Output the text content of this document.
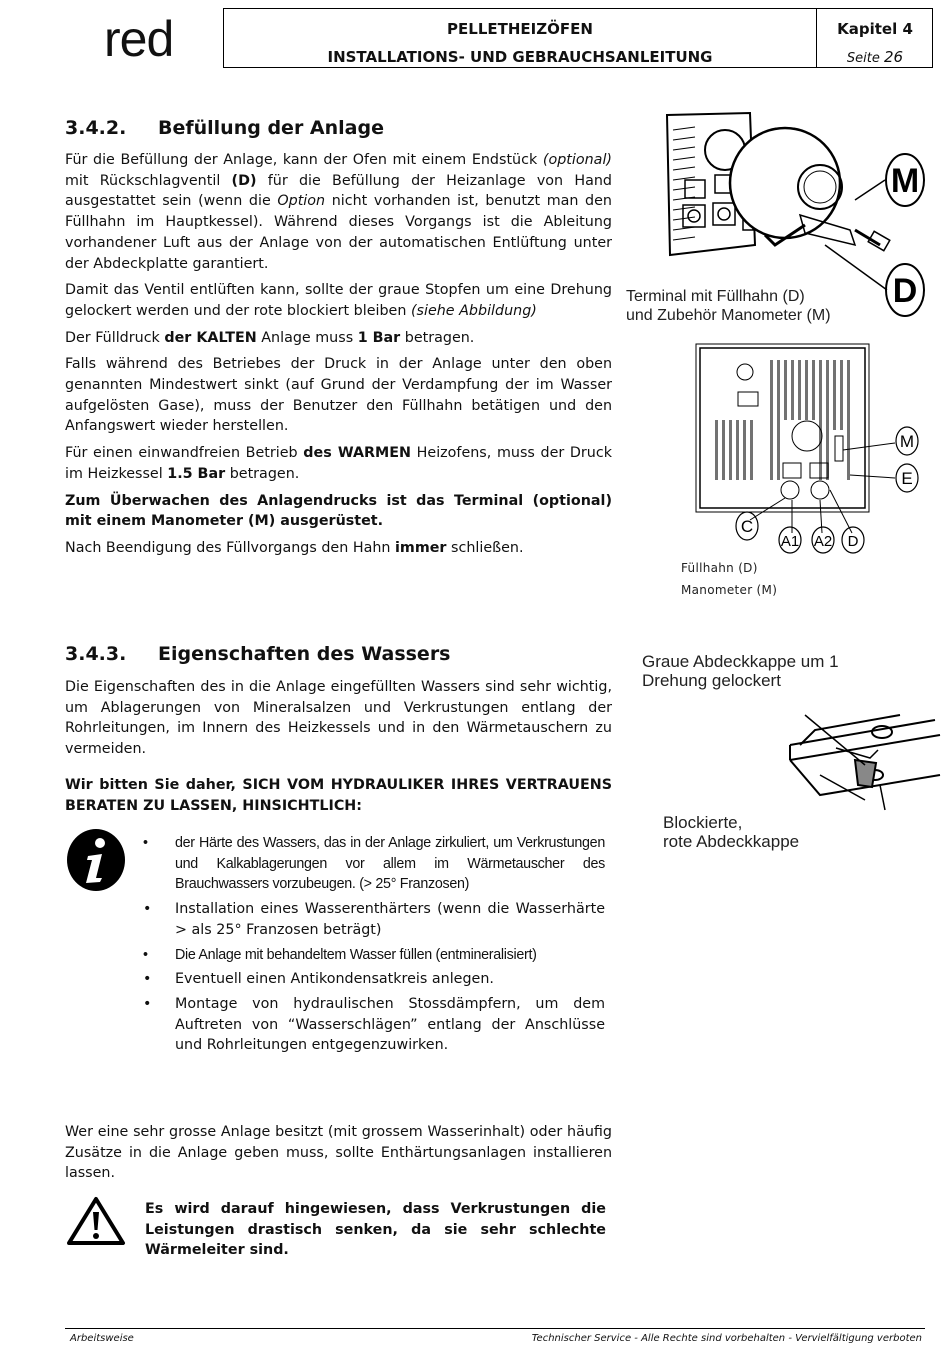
red	PELLETHEIZÖFEN
INSTALLATIONS- UND GEBRAUCHSANLEITUNG
Kapitel 4
Seite 26
3.4.2. Befüllung der Anlage
Für die Befüllung der Anlage, kann der Ofen mit einem Endstück (optional) mit Rückschlagventil (D) für die Befüllung der Heizanlage von Hand ausgestattet sein (wenn die Option nicht vorhanden ist, benutzt man den Füllhahn im Hauptkessel). Während dieses Vorgangs ist die Ableitung vorhandener Luft aus der Anlage von der automatischen Entlüftung unter der Abdeckplatte garantiert.
Damit das Ventil entlüften kann, sollte der graue Stopfen um eine Drehung gelockert werden und der rote blockiert bleiben (siehe Abbildung)
Der Fülldruck der KALTEN Anlage muss 1 Bar betragen.
Falls während des Betriebes der Druck in der Anlage unter den oben genannten Mindestwert sinkt (auf Grund der Verdampfung der im Wasser aufgelösten Gase), muss der Benutzer den Füllhahn betätigen und den Anfangswert wieder herstellen.
Für einen einwandfreien Betrieb des WARMEN Heizofens, muss der Druck im Heizkessel 1.5 Bar betragen.
Zum Überwachen des Anlagendrucks ist das Terminal (optional) mit einem Manometer (M) ausgerüstet.
Nach Beendigung des Füllvorgangs den Hahn immer schließen.
M
D
Terminal mit Füllhahn (D)
und Zubehör Manometer (M)
M
E
C
A1 A2 D
Füllhahn (D)
Manometer (M)
3.4.3. Eigenschaften des Wassers
Die Eigenschaften des in die Anlage eingefüllten Wassers sind sehr wichtig, um Ablagerungen von Mineralsalzen und Verkrustungen entlang der Rohrleitungen, im Innern des Heizkessels und in den Wärmetauschern zu vermeiden.
Wir bitten Sie daher, SICH VOM HYDRAULIKER IHRES VERTRAUENS BERATEN ZU LASSEN, HINSICHTLICH:
Graue Abdeckkappe um 1
Drehung gelockert
Blockierte,
rote Abdeckkappe
• der Härte des Wassers, das in der Anlage zirkuliert, um Verkrustungen und Kalkablagerungen vor allem im Wärmetauscher des Brauchwassers vorzubeugen. (> 25° Franzosen)
• Installation eines Wasserenthärters (wenn die Wasserhärte > als 25° Franzosen beträgt)
• Die Anlage mit behandeltem Wasser füllen (entmineralisiert)
• Eventuell einen Antikondensatkreis anlegen.
• Montage von hydraulischen Stossdämpfern, um dem Auftreten von “Wasserschlägen” entlang der Anschlüsse und Rohrleitungen entgegenzuwirken.
Wer eine sehr grosse Anlage besitzt (mit grossem Wasserinhalt) oder häufig Zusätze in die Anlage geben muss, sollte Enthärtungsanlagen installieren lassen.
Es wird darauf hingewiesen, dass Verkrustungen die Leistungen drastisch senken, da sie sehr schlechte Wärmeleiter sind.
Arbeitsweise	Technischer Service - Alle Rechte sind vorbehalten - Vervielfältigung verboten
